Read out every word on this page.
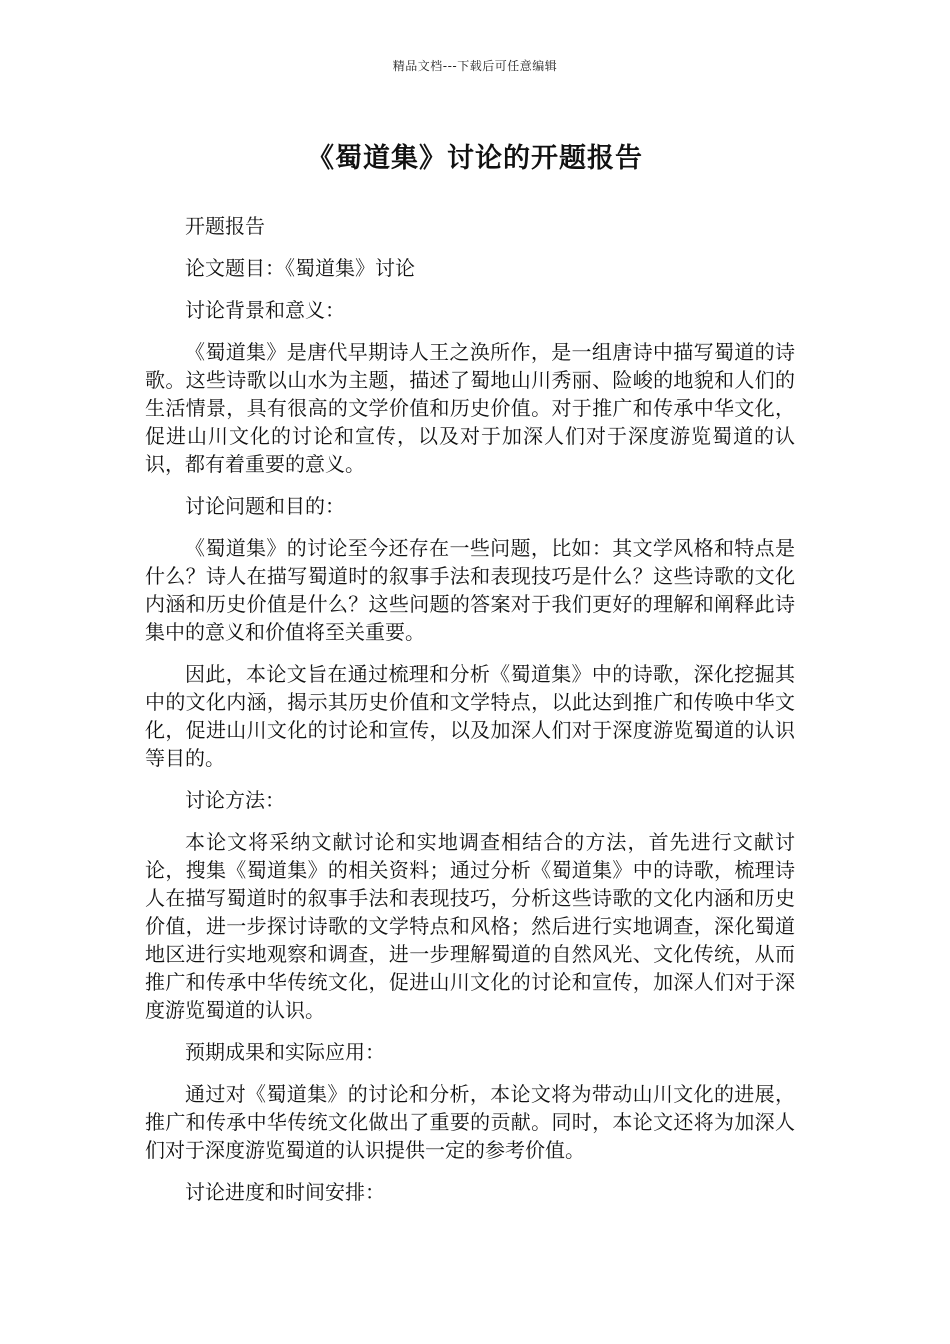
精品文档---下载后可任意编辑
《蜀道集》讨论的开题报告

开题报告

论文题目：《蜀道集》讨论

讨论背景和意义：

《蜀道集》是唐代早期诗人王之涣所作，是一组唐诗中描写蜀道的诗歌。这些诗歌以山水为主题，描述了蜀地山川秀丽、险峻的地貌和人们的生活情景，具有很高的文学价值和历史价值。对于推广和传承中华文化，促进山川文化的讨论和宣传，以及对于加深人们对于深度游览蜀道的认识，都有着重要的意义。

讨论问题和目的：

《蜀道集》的讨论至今还存在一些问题，比如：其文学风格和特点是什么？诗人在描写蜀道时的叙事手法和表现技巧是什么？这些诗歌的文化内涵和历史价值是什么？这些问题的答案对于我们更好的理解和阐释此诗集中的意义和价值将至关重要。

因此，本论文旨在通过梳理和分析《蜀道集》中的诗歌，深化挖掘其中的文化内涵，揭示其历史价值和文学特点，以此达到推广和传唤中华文化，促进山川文化的讨论和宣传，以及加深人们对于深度游览蜀道的认识等目的。

讨论方法：

本论文将采纳文献讨论和实地调查相结合的方法，首先进行文献讨论，搜集《蜀道集》的相关资料；通过分析《蜀道集》中的诗歌，梳理诗人在描写蜀道时的叙事手法和表现技巧，分析这些诗歌的文化内涵和历史价值，进一步探讨诗歌的文学特点和风格；然后进行实地调查，深化蜀道地区进行实地观察和调查，进一步理解蜀道的自然风光、文化传统，从而推广和传承中华传统文化，促进山川文化的讨论和宣传，加深人们对于深度游览蜀道的认识。

预期成果和实际应用：

通过对《蜀道集》的讨论和分析，本论文将为带动山川文化的进展，推广和传承中华传统文化做出了重要的贡献。同时，本论文还将为加深人们对于深度游览蜀道的认识提供一定的参考价值。

讨论进度和时间安排：
